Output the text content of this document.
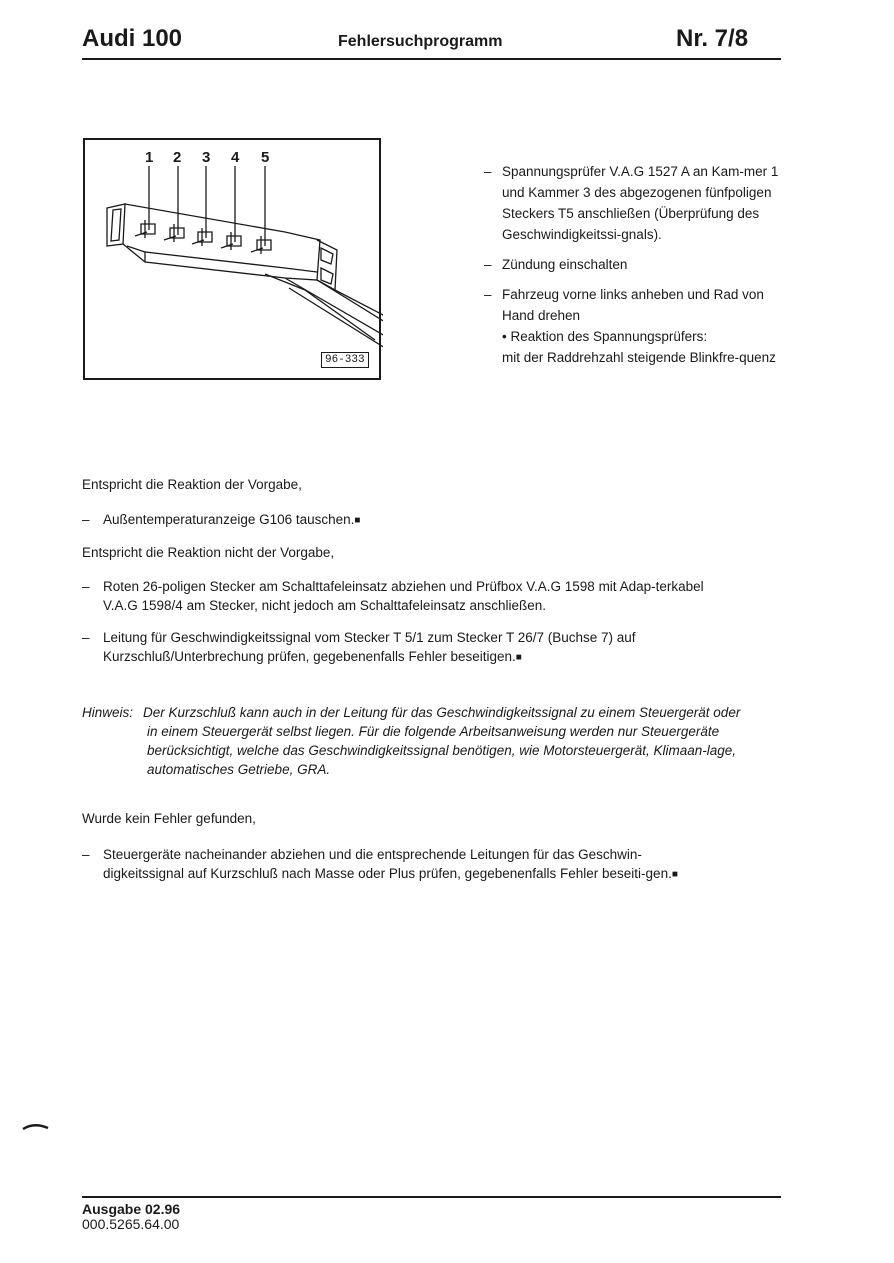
Audi 100	Fehlersuchprogramm	Nr. 7/8
1 2 3 4 5
96-333
– Spannungsprüfer V.A.G 1527 A an Kam-mer 1 und Kammer 3 des abgezogenen fünfpoligen Steckers T5 anschließen (Überprüfung des Geschwindigkeitssi-gnals).
– Zündung einschalten
– Fahrzeug vorne links anheben und Rad von Hand drehen
• Reaktion des Spannungsprüfers:
mit der Raddrehzahl steigende Blinkfre-quenz
Entspricht die Reaktion der Vorgabe,
– Außentemperaturanzeige G106 tauschen.■
Entspricht die Reaktion nicht der Vorgabe,
– Roten 26-poligen Stecker am Schalttafeleinsatz abziehen und Prüfbox V.A.G 1598 mit Adap-terkabel V.A.G 1598/4 am Stecker, nicht jedoch am Schalttafeleinsatz anschließen.
– Leitung für Geschwindigkeitssignal vom Stecker T 5/1 zum Stecker T 26/7 (Buchse 7) auf Kurzschluß/Unterbrechung prüfen, gegebenenfalls Fehler beseitigen.■
Hinweis: Der Kurzschluß kann auch in der Leitung für das Geschwindigkeitssignal zu einem Steuergerät oder
in einem Steuergerät selbst liegen. Für die folgende Arbeitsanweisung werden nur Steuergeräte berücksichtigt, welche das Geschwindigkeitssignal benötigen, wie Motorsteuergerät, Klimaan-lage, automatisches Getriebe, GRA.
Wurde kein Fehler gefunden,
– Steuergeräte nacheinander abziehen und die entsprechende Leitungen für das Geschwin-digkeitssignal auf Kurzschluß nach Masse oder Plus prüfen, gegebenenfalls Fehler beseiti-gen.■
Ausgabe 02.96
000.5265.64.00
